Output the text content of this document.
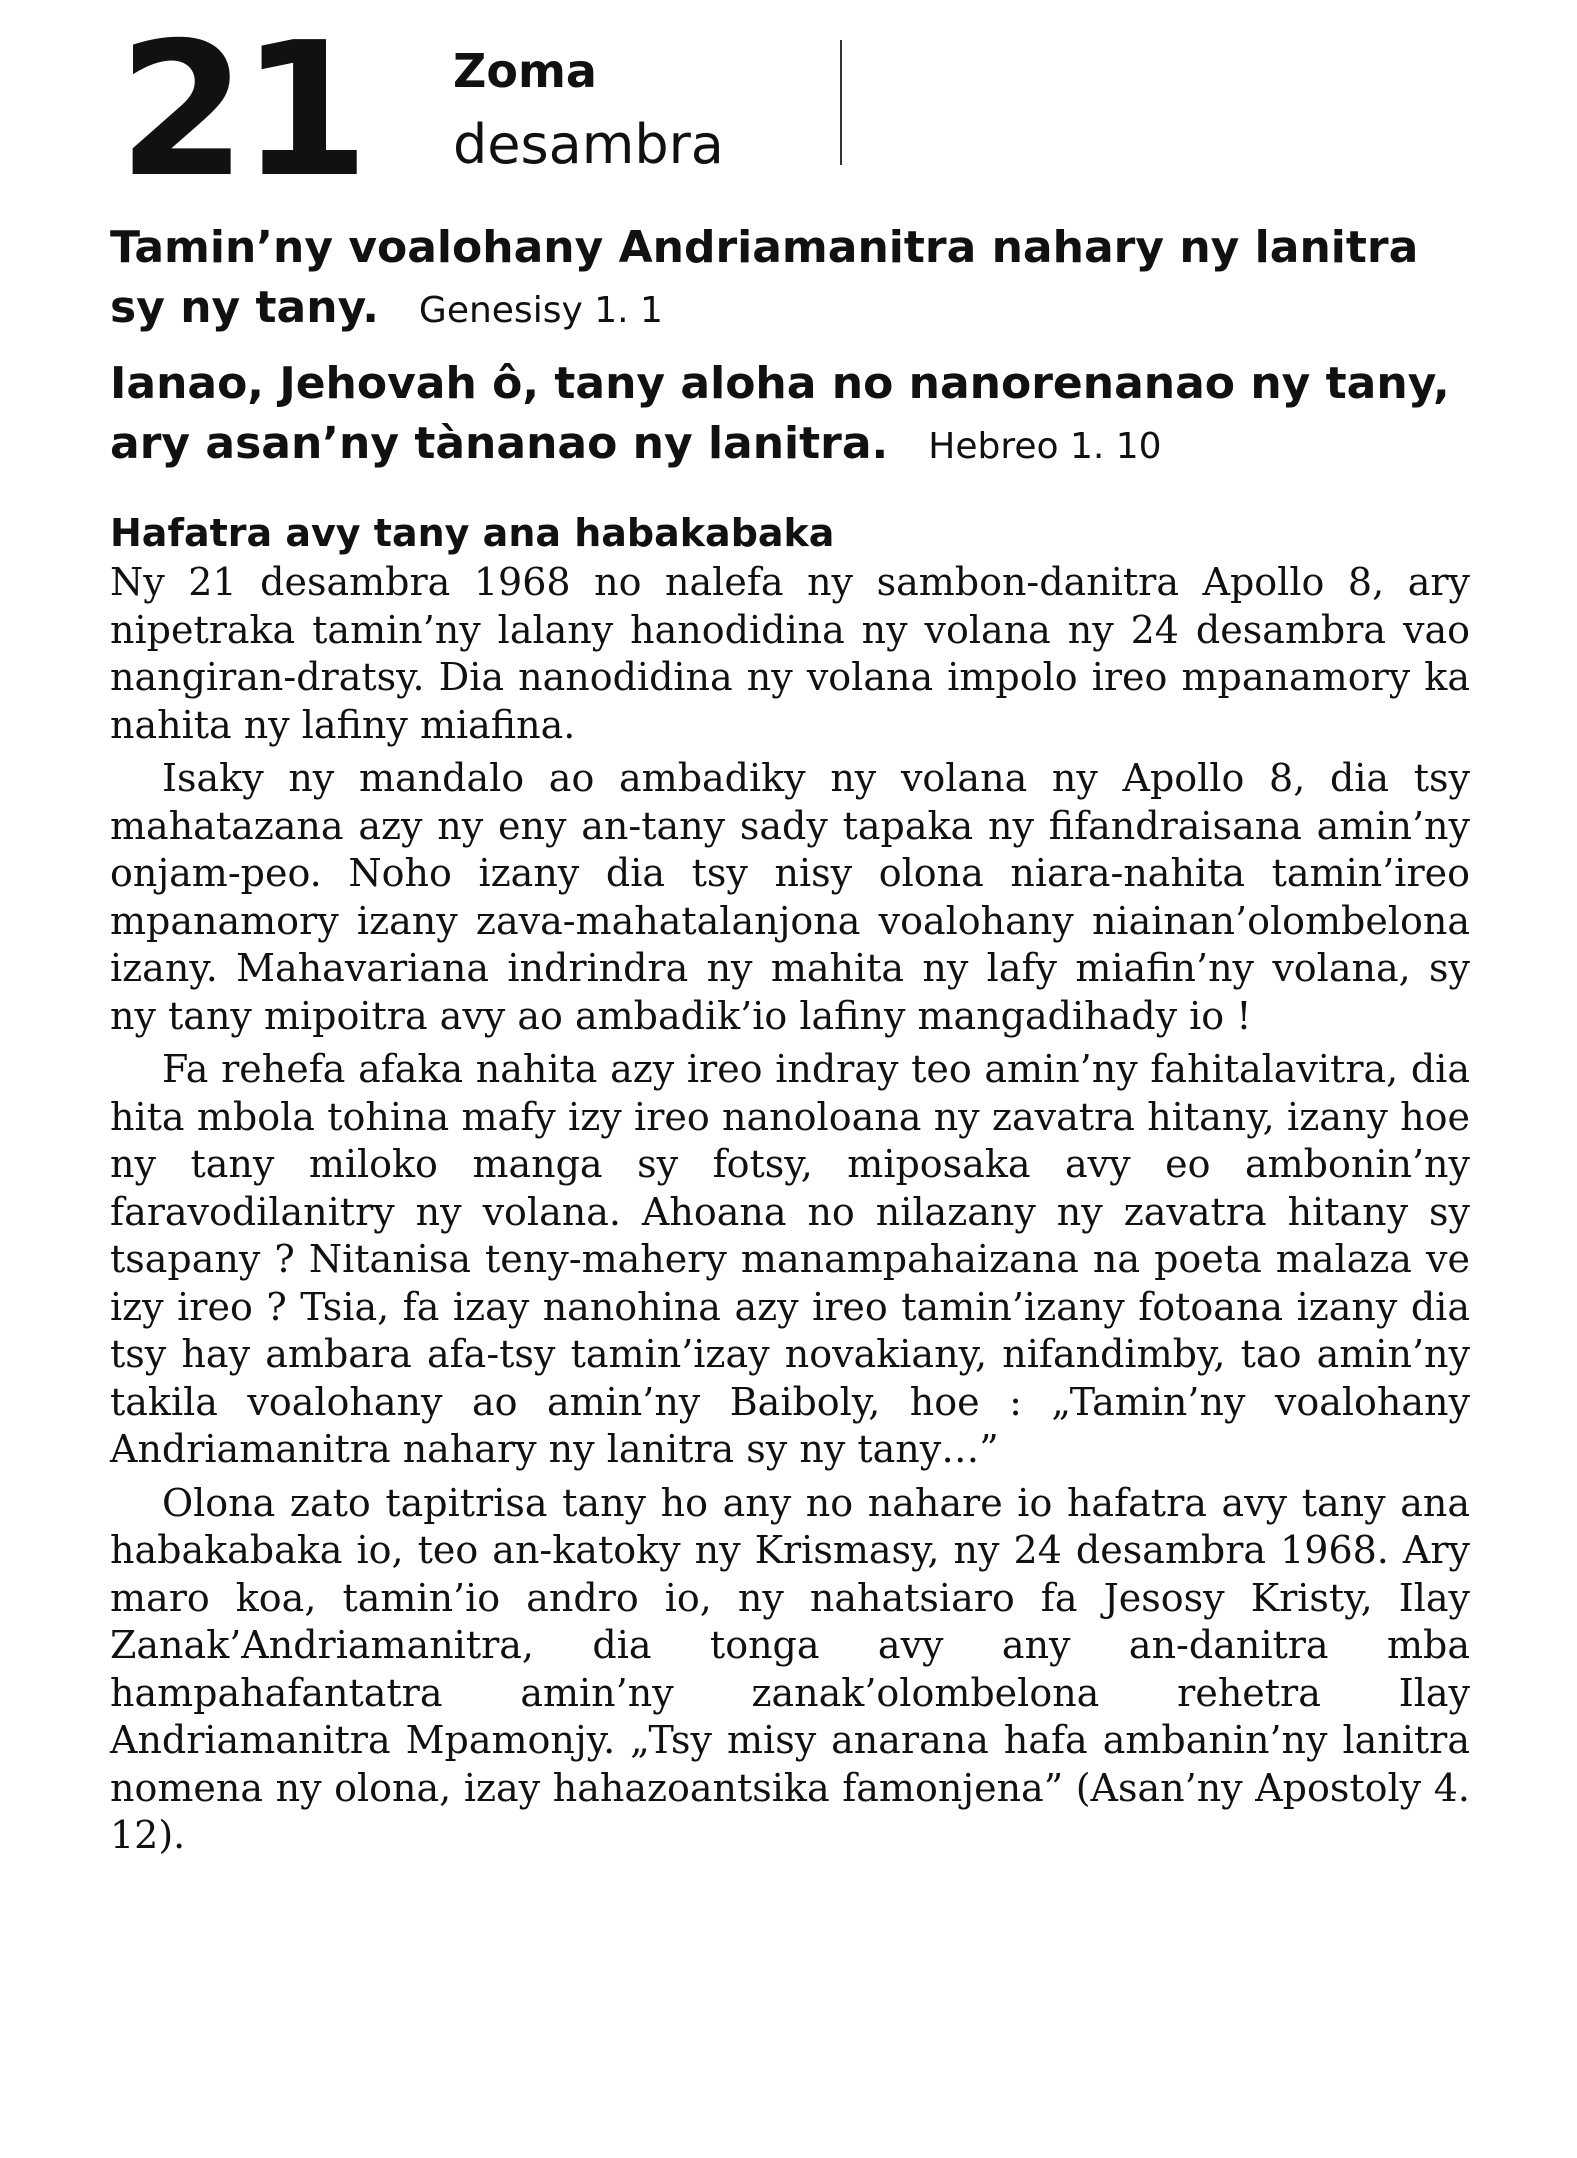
21 Zoma
desambra
Tamin’ny voalohany Andriamanitra nahary ny lanitra sy ny tany. Genesisy 1. 1
Ianao, Jehovah ô, tany aloha no nanorenanao ny tany, ary asan’ny tànanao ny lanitra. Hebreo 1. 10
Hafatra avy tany ana habakabaka

Ny 21 desambra 1968 no nalefa ny sambon-danitra Apollo 8, ary nipetraka tamin’ny lalany hanodidina ny volana ny 24 desambra vao nangiran-dratsy. Dia nanodidina ny volana impolo ireo mpanamory ka nahita ny lafiny miafina.

Isaky ny mandalo ao ambadiky ny volana ny Apollo 8, dia tsy mahatazana azy ny eny an-tany sady tapaka ny fifandraisana amin’ny onjam-peo. Noho izany dia tsy nisy olona niara-nahita tamin’ireo mpanamory izany zava-mahatalanjona voalohany niainan’olombelona izany. Mahavariana indrindra ny mahita ny lafy miafin’ny volana, sy ny tany mipoitra avy ao ambadik’io lafiny mangadihady io !

Fa rehefa afaka nahita azy ireo indray teo amin’ny fahitalavitra, dia hita mbola tohina mafy izy ireo nanoloana ny zavatra hitany, izany hoe ny tany miloko manga sy fotsy, miposaka avy eo ambonin’ny faravodilanitry ny volana. Ahoana no nilazany ny zavatra hitany sy tsapany ? Nitanisa teny-mahery manampahaizana na poeta malaza ve izy ireo ? Tsia, fa izay nanohina azy ireo tamin’izany fotoana izany dia tsy hay ambara afa-tsy tamin’izay novakiany, nifandimby, tao amin’ny takila voalohany ao amin’ny Baiboly, hoe : „Tamin’ny voalohany Andriamanitra nahary ny lanitra sy ny tany…”

Olona zato tapitrisa tany ho any no nahare io hafatra avy tany ana habakabaka io, teo an-katoky ny Krismasy, ny 24 desambra 1968. Ary maro koa, tamin’io andro io, ny nahatsiaro fa Jesosy Kristy, Ilay Zanak’Andriamanitra, dia tonga avy any an-danitra mba hampahafantatra amin’ny zanak’olombelona rehetra Ilay Andriamanitra Mpamonjy. „Tsy misy anarana hafa ambanin’ny lanitra nomena ny olona, izay hahazoantsika famonjena” (Asan’ny Apostoly 4. 12).
